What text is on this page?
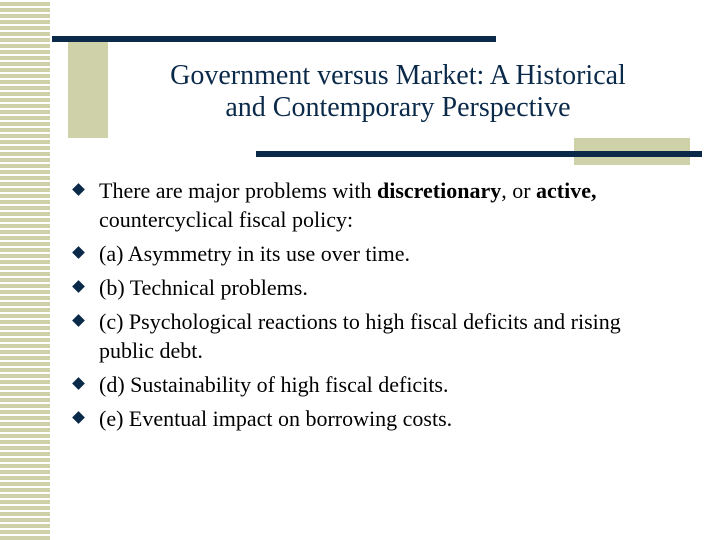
Government versus Market: A Historical
and Contemporary Perspective
There are major problems with discretionary, or active, countercyclical fiscal policy:
(a) Asymmetry in its use over time.
(b) Technical problems.
(c) Psychological reactions to high fiscal deficits and rising public debt.
(d) Sustainability of high fiscal deficits.
(e) Eventual impact on borrowing costs.
